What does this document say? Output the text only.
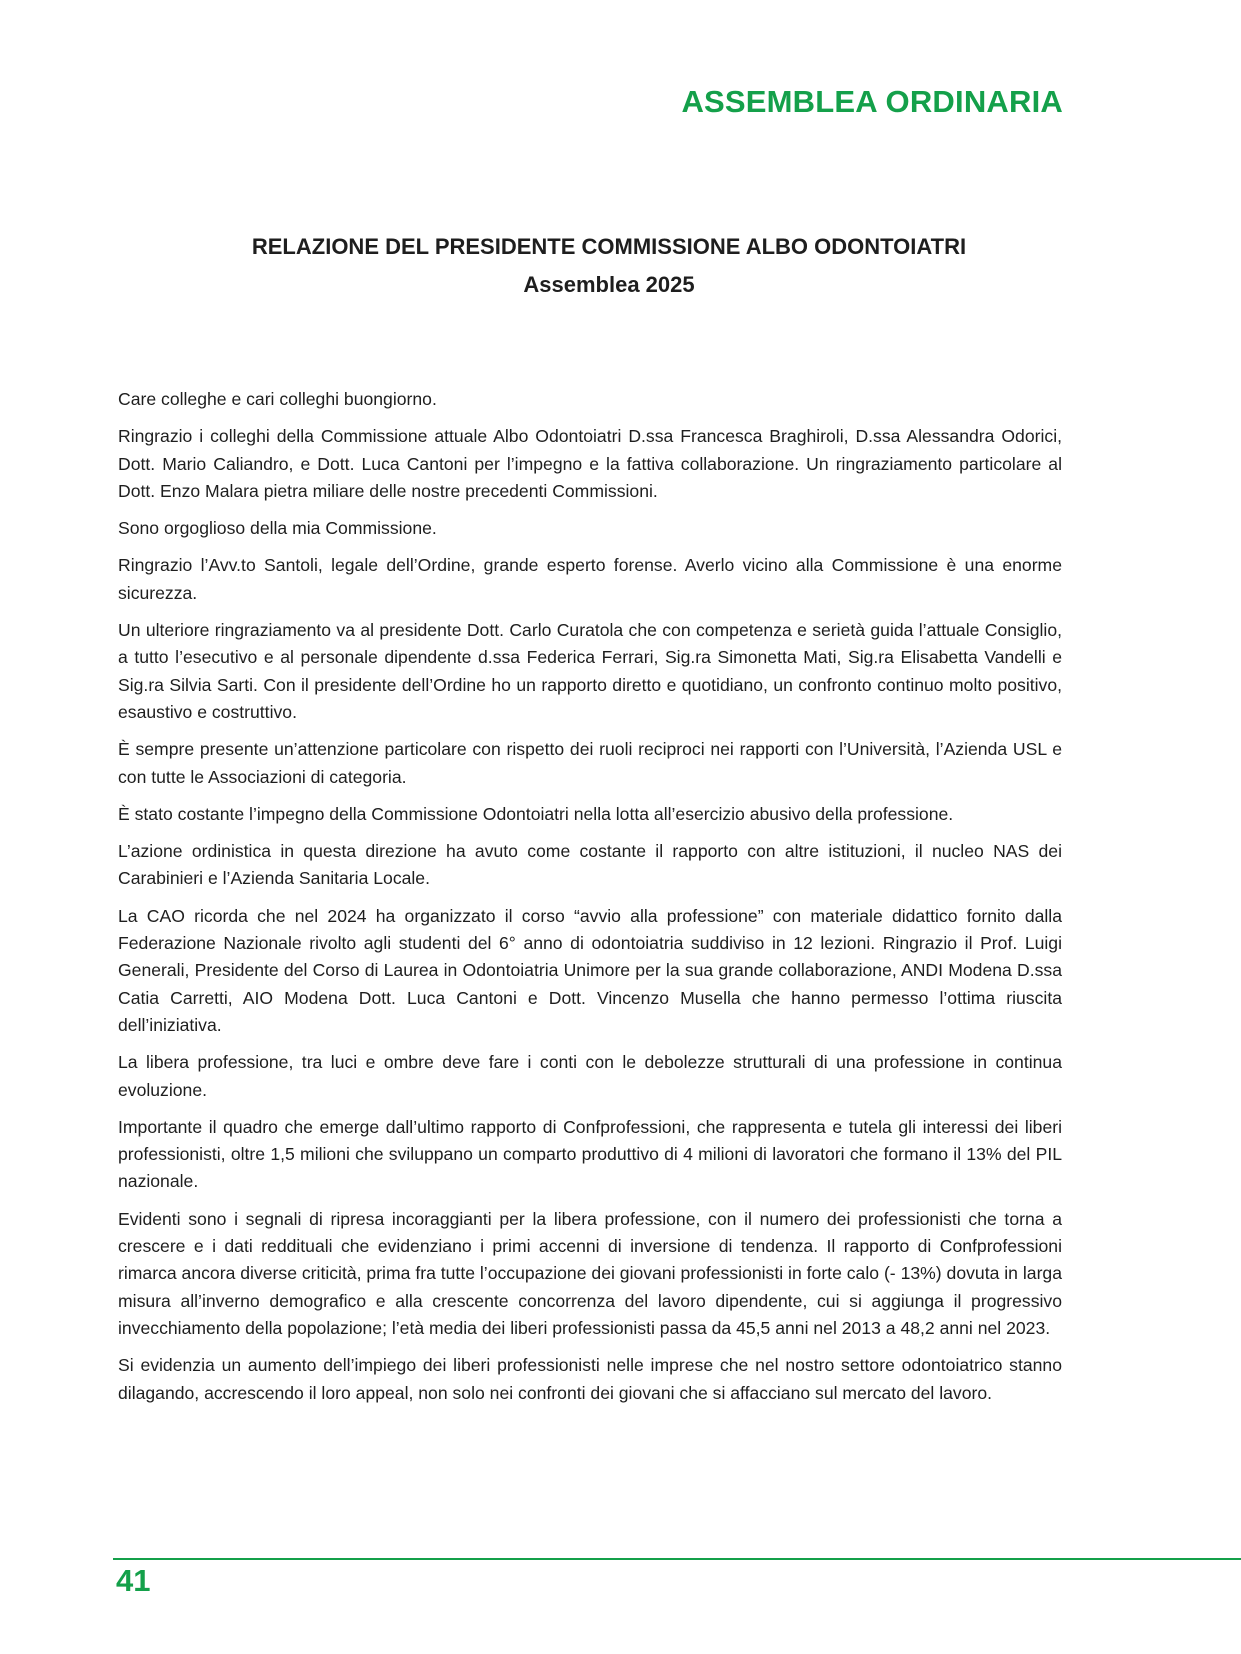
ASSEMBLEA ORDINARIA
RELAZIONE DEL PRESIDENTE COMMISSIONE ALBO ODONTOIATRI
Assemblea 2025

Care colleghe e cari colleghi buongiorno.

Ringrazio i colleghi della Commissione attuale Albo Odontoiatri D.ssa Francesca Braghiroli, D.ssa Alessandra Odorici, Dott. Mario Caliandro, e Dott. Luca Cantoni per l’impegno e la fattiva collaborazione. Un ringraziamento particolare al Dott. Enzo Malara pietra miliare delle nostre precedenti Commissioni.

Sono orgoglioso della mia Commissione.

Ringrazio l’Avv.to Santoli, legale dell’Ordine, grande esperto forense. Averlo vicino alla Commissione è una enorme sicurezza.

Un ulteriore ringraziamento va al presidente Dott. Carlo Curatola che con competenza e serietà guida l’attuale Consiglio, a tutto l’esecutivo e al personale dipendente d.ssa Federica Ferrari, Sig.ra Simonetta Mati, Sig.ra Elisabetta Vandelli e Sig.ra Silvia Sarti. Con il presidente dell’Ordine ho un rapporto diretto e quotidiano, un confronto continuo molto positivo, esaustivo e costruttivo.

È sempre presente un’attenzione particolare con rispetto dei ruoli reciproci nei rapporti con l’Università, l’Azienda USL e con tutte le Associazioni di categoria.

È stato costante l’impegno della Commissione Odontoiatri nella lotta all’esercizio abusivo della professione.

L’azione ordinistica in questa direzione ha avuto come costante il rapporto con altre istituzioni, il nucleo NAS dei Carabinieri e l’Azienda Sanitaria Locale.

La CAO ricorda che nel 2024 ha organizzato il corso “avvio alla professione” con materiale didattico fornito dalla Federazione Nazionale rivolto agli studenti del 6° anno di odontoiatria suddiviso in 12 lezioni. Ringrazio il Prof. Luigi Generali, Presidente del Corso di Laurea in Odontoiatria Unimore per la sua grande collaborazione, ANDI Modena D.ssa Catia Carretti, AIO Modena Dott. Luca Cantoni e Dott. Vincenzo Musella che hanno permesso l’ottima riuscita dell’iniziativa.

La libera professione, tra luci e ombre deve fare i conti con le debolezze strutturali di una professione in continua evoluzione.

Importante il quadro che emerge dall’ultimo rapporto di Confprofessioni, che rappresenta e tutela gli interessi dei liberi professionisti, oltre 1,5 milioni che sviluppano un comparto produttivo di 4 milioni di lavoratori che formano il 13% del PIL nazionale.

Evidenti sono i segnali di ripresa incoraggianti per la libera professione, con il numero dei professionisti che torna a crescere e i dati reddituali che evidenziano i primi accenni di inversione di tendenza. Il rapporto di Confprofessioni rimarca ancora diverse criticità, prima fra tutte l’occupazione dei giovani professionisti in forte calo (- 13%) dovuta in larga misura all’inverno demografico e alla crescente concorrenza del lavoro dipendente, cui si aggiunga il progressivo invecchiamento della popolazione; l’età media dei liberi professionisti passa da 45,5 anni nel 2013 a 48,2 anni nel 2023.

Si evidenzia un aumento dell’impiego dei liberi professionisti nelle imprese che nel nostro settore odontoiatrico stanno dilagando, accrescendo il loro appeal, non solo nei confronti dei giovani che si affacciano sul mercato del lavoro.

41
